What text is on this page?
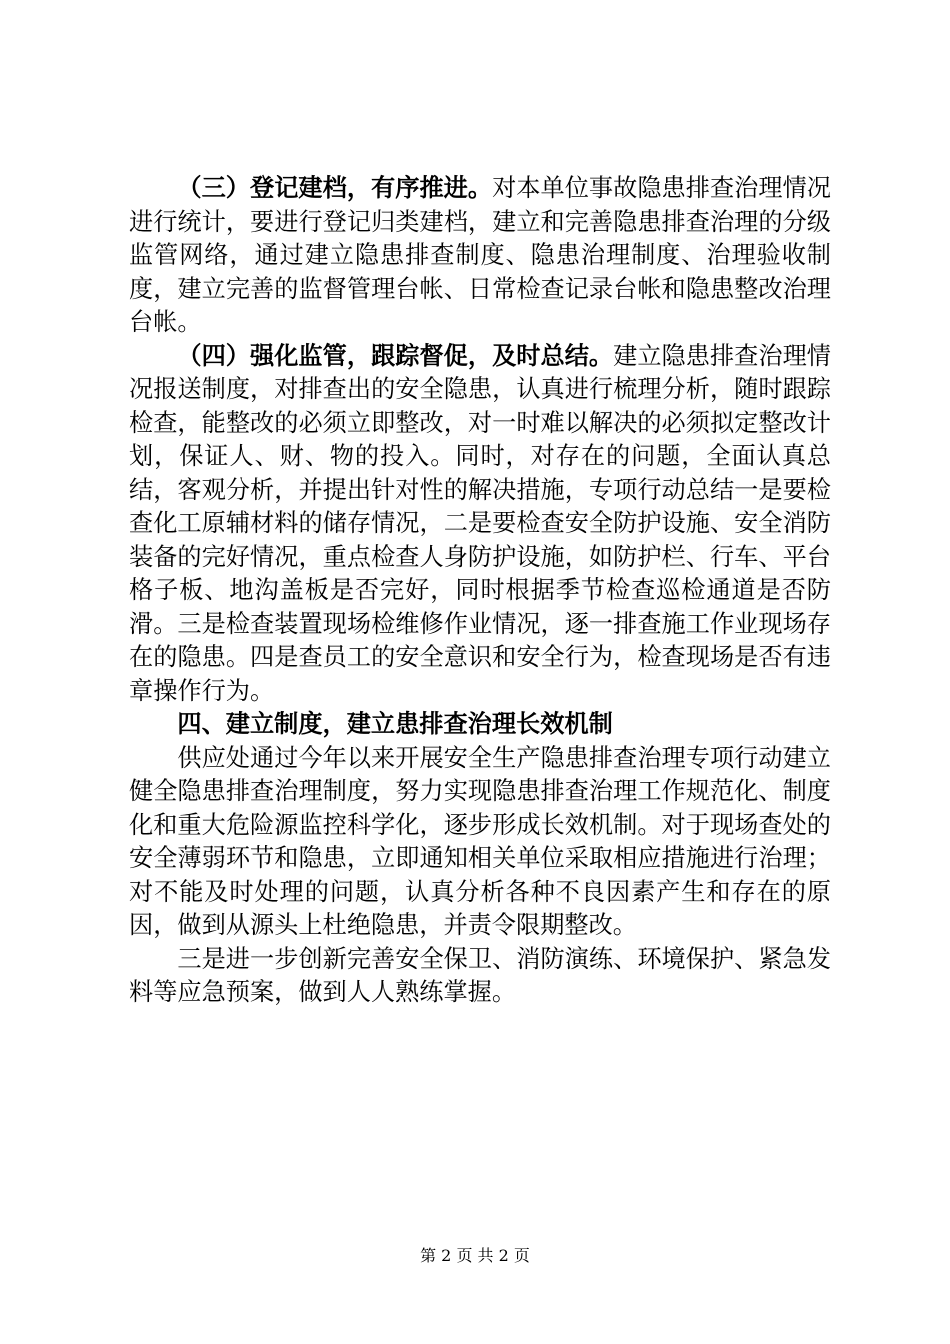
（三）登记建档，有序推进。对本单位事故隐患排查治理情况进行统计，要进行登记归类建档，建立和完善隐患排查治理的分级监管网络，通过建立隐患排查制度、隐患治理制度、治理验收制度，建立完善的监督管理台帐、日常检查记录台帐和隐患整改治理台帐。

（四）强化监管，跟踪督促，及时总结。建立隐患排查治理情况报送制度，对排查出的安全隐患，认真进行梳理分析，随时跟踪检查，能整改的必须立即整改，对一时难以解决的必须拟定整改计划，保证人、财、物的投入。同时，对存在的问题，全面认真总结，客观分析，并提出针对性的解决措施，专项行动总结一是要检查化工原辅材料的储存情况，二是要检查安全防护设施、安全消防装备的完好情况，重点检查人身防护设施，如防护栏、行车、平台格子板、地沟盖板是否完好，同时根据季节检查巡检通道是否防滑。三是检查装置现场检维修作业情况，逐一排查施工作业现场存在的隐患。四是查员工的安全意识和安全行为，检查现场是否有违章操作行为。

四、建立制度，建立患排查治理长效机制

供应处通过今年以来开展安全生产隐患排查治理专项行动建立健全隐患排查治理制度，努力实现隐患排查治理工作规范化、制度化和重大危险源监控科学化，逐步形成长效机制。对于现场查处的安全薄弱环节和隐患，立即通知相关单位采取相应措施进行治理；对不能及时处理的问题，认真分析各种不良因素产生和存在的原因，做到从源头上杜绝隐患，并责令限期整改。

三是进一步创新完善安全保卫、消防演练、环境保护、紧急发料等应急预案，做到人人熟练掌握。

第 2 页 共 2 页
